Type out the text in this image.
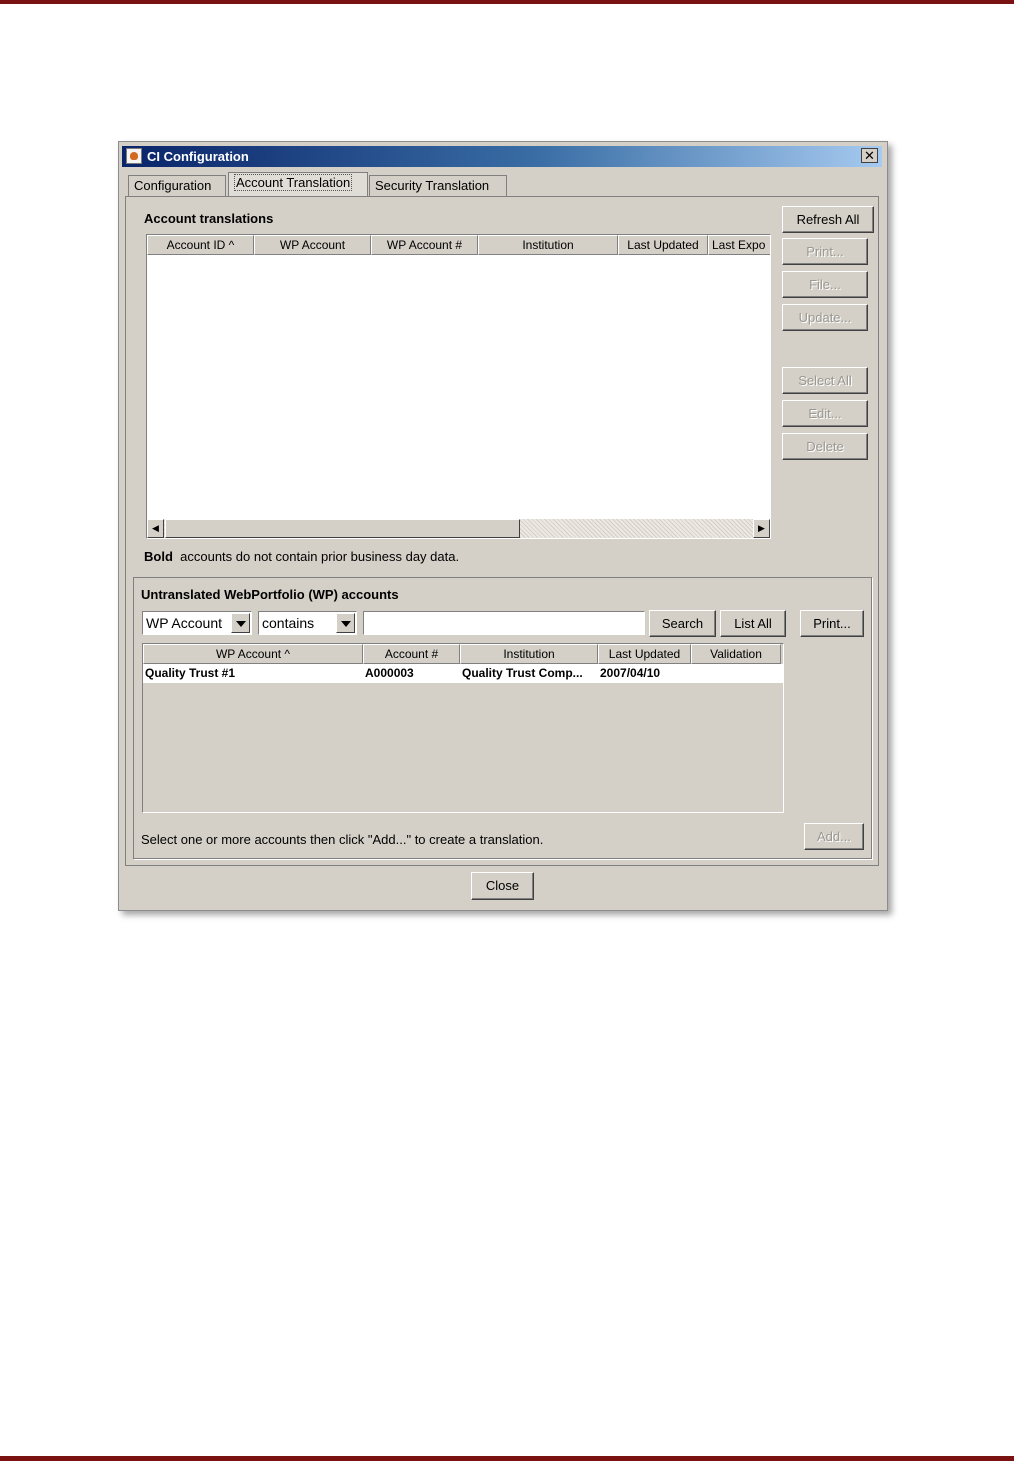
CI Configuration	✕
Configuration	Account Translation	Security Translation
Account translations
Account ID ^	WP Account	WP Account #	Institution	Last Updated	Last Expo
◀	▶
Bold accounts do not contain prior business day data.
Refresh All
Print...
File...
Update...
Select All
Edit...
Delete
Untranslated WebPortfolio (WP) accounts
WP Account	contains	Search	List All	Print...
WP Account ^	Account #	Institution	Last Updated	Validation
Quality Trust #1	A000003	Quality Trust Comp...	2007/04/10
Select one or more accounts then click "Add..." to create a translation.	Add...
Close
